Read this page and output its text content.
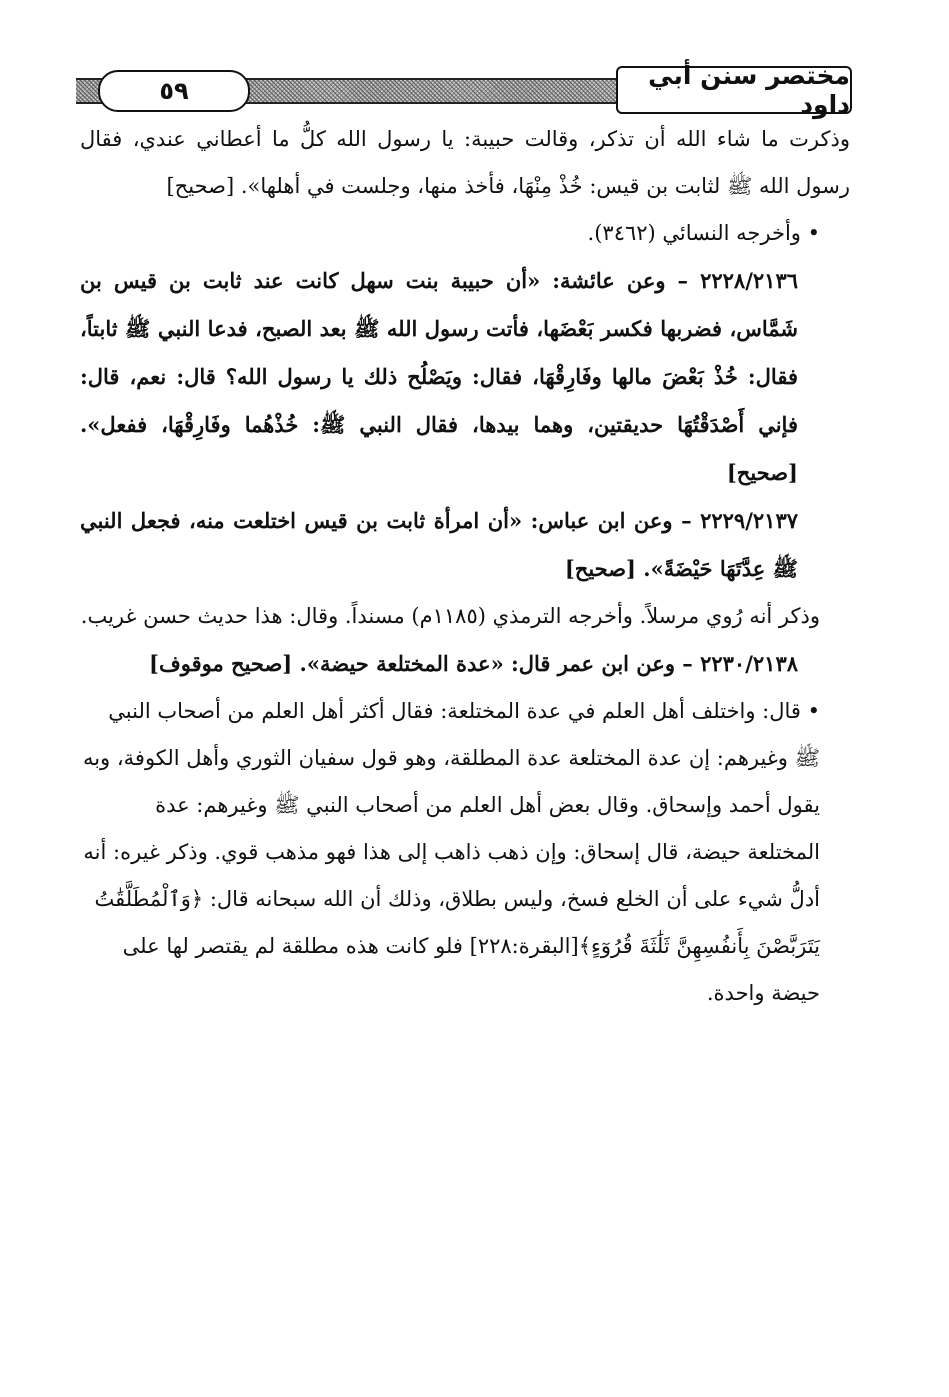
٥٩
مختصر سنن أبي داود

وذكرت ما شاء الله أن تذكر، وقالت حبيبة: يا رسول الله كلُّ ما أعطاني عندي، فقال رسول الله ﷺ لثابت بن قيس: خُذْ مِنْهَا، فأخذ منها، وجلست في أهلها». [صحيح]

• وأخرجه النسائي (٣٤٦٢).

٢٢٢٨/٢١٣٦ – وعن عائشة: «أن حبيبة بنت سهل كانت عند ثابت بن قيس بن شَمَّاس، فضربها فكسر بَعْضَها، فأتت رسول الله ﷺ بعد الصبح، فدعا النبي ﷺ ثابتاً، فقال: خُذْ بَعْضَ مالها وفَارِقْهَا، فقال: ويَصْلُح ذلك يا رسول الله؟ قال: نعم، قال: فإني أَصْدَقْتُهَا حديقتين، وهما بيدها، فقال النبي ﷺ: خُذْهُما وفَارِقْهَا، ففعل». [صحيح]

٢٢٢٩/٢١٣٧ – وعن ابن عباس: «أن امرأة ثابت بن قيس اختلعت منه، فجعل النبي ﷺ عِدَّتَهَا حَيْضَةً». [صحيح]

وذكر أنه رُوي مرسلاً. وأخرجه الترمذي (١١٨٥م) مسنداً. وقال: هذا حديث حسن غريب.

٢٢٣٠/٢١٣٨ – وعن ابن عمر قال: «عدة المختلعة حيضة». [صحيح موقوف]

• قال: واختلف أهل العلم في عدة المختلعة: فقال أكثر أهل العلم من أصحاب النبي ﷺ وغيرهم: إن عدة المختلعة عدة المطلقة، وهو قول سفيان الثوري وأهل الكوفة، وبه يقول أحمد وإسحاق. وقال بعض أهل العلم من أصحاب النبي ﷺ وغيرهم: عدة المختلعة حيضة، قال إسحاق: وإن ذهب ذاهب إلى هذا فهو مذهب قوي. وذكر غيره: أنه أدلُّ شيء على أن الخلع فسخ، وليس بطلاق، وذلك أن الله سبحانه قال: ﴿وَٱلْمُطَلَّقَٰتُ يَتَرَبَّصْنَ بِأَنفُسِهِنَّ ثَلَٰثَةَ قُرُوٓءٍ﴾[البقرة:٢٢٨] فلو كانت هذه مطلقة لم يقتصر لها على حيضة واحدة.
